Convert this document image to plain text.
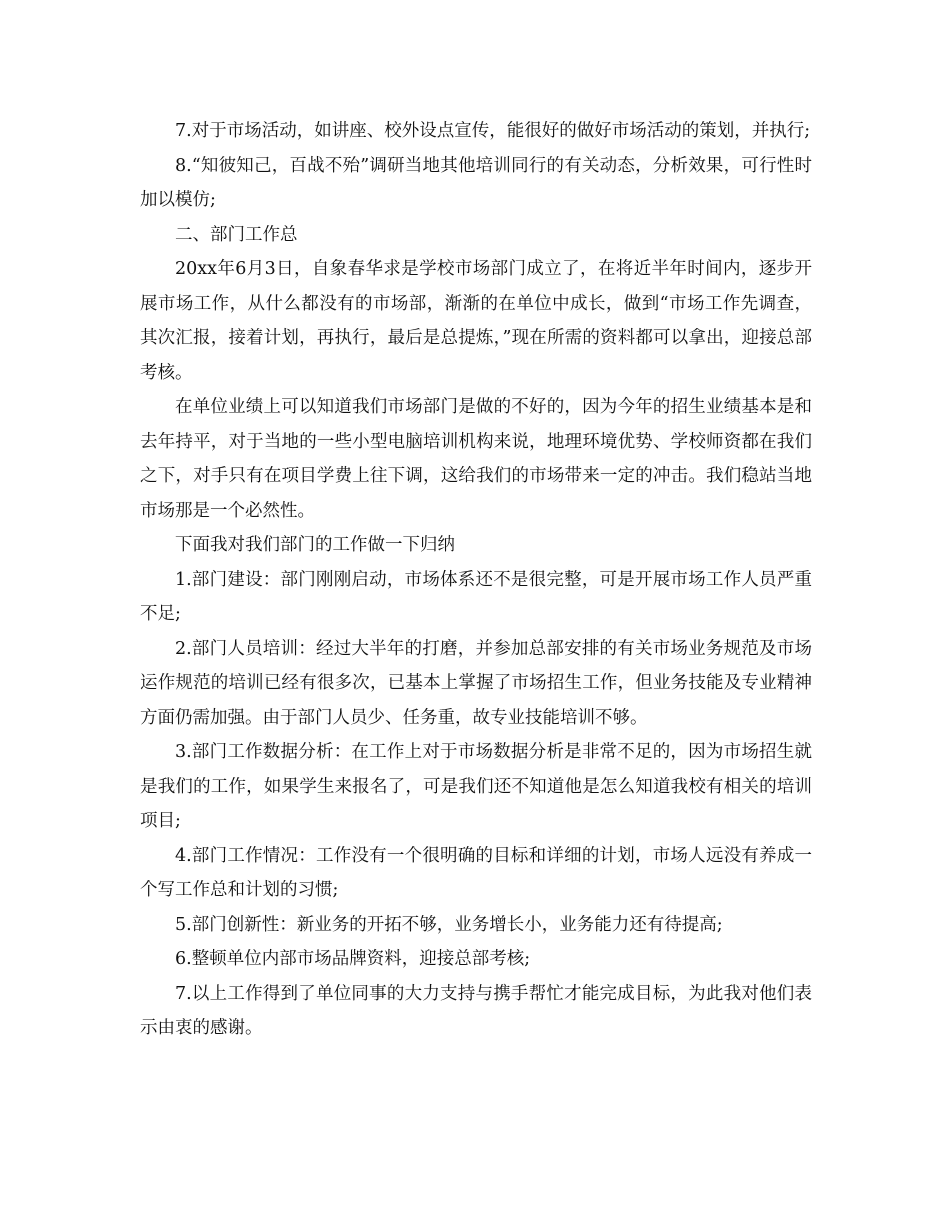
7.对于市场活动，如讲座、校外设点宣传，能很好的做好市场活动的策划，并执行;

8.“知彼知己，百战不殆”调研当地其他培训同行的有关动态，分析效果，可行性时加以模仿;

二、部门工作总

20xx年6月3日，自象春华求是学校市场部门成立了，在将近半年时间内，逐步开展市场工作，从什么都没有的市场部，渐渐的在单位中成长，做到“市场工作先调查，其次汇报，接着计划，再执行，最后是总提炼，”现在所需的资料都可以拿出，迎接总部考核。

在单位业绩上可以知道我们市场部门是做的不好的，因为今年的招生业绩基本是和去年持平，对于当地的一些小型电脑培训机构来说，地理环境优势、学校师资都在我们之下，对手只有在项目学费上往下调，这给我们的市场带来一定的冲击。我们稳站当地市场那是一个必然性。

下面我对我们部门的工作做一下归纳

1.部门建设：部门刚刚启动，市场体系还不是很完整，可是开展市场工作人员严重不足;

2.部门人员培训：经过大半年的打磨，并参加总部安排的有关市场业务规范及市场运作规范的培训已经有很多次，已基本上掌握了市场招生工作，但业务技能及专业精神方面仍需加强。由于部门人员少、任务重，故专业技能培训不够。

3.部门工作数据分析：在工作上对于市场数据分析是非常不足的，因为市场招生就是我们的工作，如果学生来报名了，可是我们还不知道他是怎么知道我校有相关的培训项目;

4.部门工作情况：工作没有一个很明确的目标和详细的计划，市场人远没有养成一个写工作总和计划的习惯;

5.部门创新性：新业务的开拓不够，业务增长小，业务能力还有待提高;

6.整顿单位内部市场品牌资料，迎接总部考核;

7.以上工作得到了单位同事的大力支持与携手帮忙才能完成目标，为此我对他们表示由衷的感谢。
